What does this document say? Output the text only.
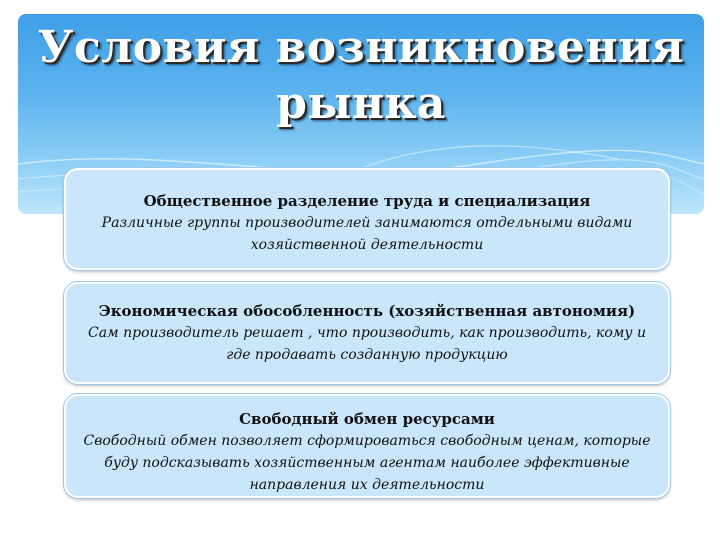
Условия возникновения
рынка
Общественное разделение труда и специализация
Различные группы производителей занимаются отдельными видами хозяйственной деятельности
Экономическая обособленность (хозяйственная автономия)
Сам производитель решает , что производить, как производить, кому и где продавать созданную продукцию
Свободный обмен ресурсами
Свободный обмен позволяет сформироваться свободным ценам, которые буду подсказывать хозяйственным агентам наиболее эффективные направления их деятельности
